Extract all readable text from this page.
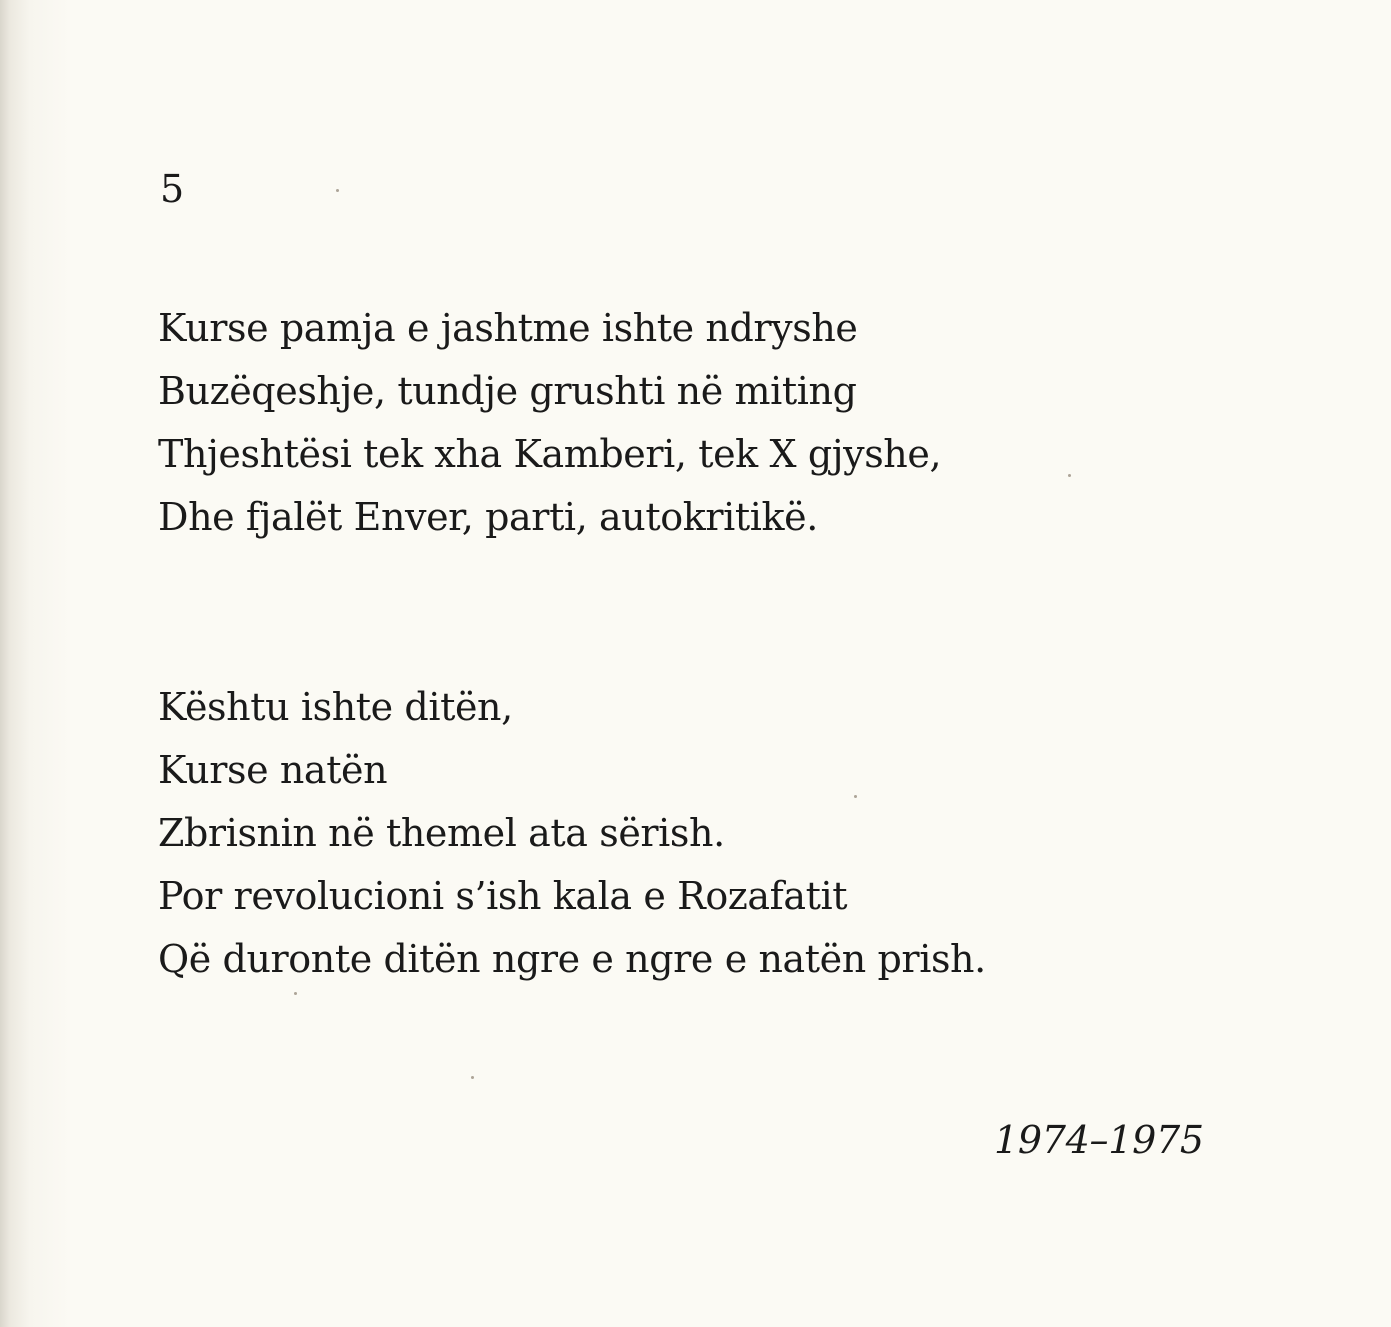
5
Kurse pamja e jashtme ishte ndryshe
Buzëqeshje, tundje grushti në miting
Thjeshtësi tek xha Kamberi, tek X gjyshe,
Dhe fjalët Enver, parti, autokritikë.
Kështu ishte ditën,
Kurse natën
Zbrisnin në themel ata sërish.
Por revolucioni s’ish kala e Rozafatit
Që duronte ditën ngre e ngre e natën prish.
1974–1975
